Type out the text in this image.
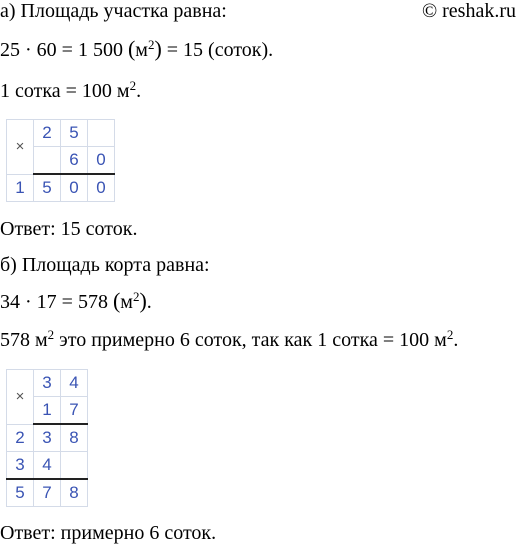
© reshak.ru
а) Площадь участка равна:
25 · 60 = 1 500 $(м^2) = 15$ (соток).
1 сотка = 100 $м^2$.
×	2	5	
		6	0
1	5	0	0
Ответ: 15 соток.
б) Площадь корта равна:
34 · 17 = 578 $(м^2)$.
578 $м^2$ это примерно 6 соток, так как 1 сотка = 100 $м^2$.
×	3	4
	1	7
2	3	8
3	4	
5	7	8
Ответ: примерно 6 соток.
